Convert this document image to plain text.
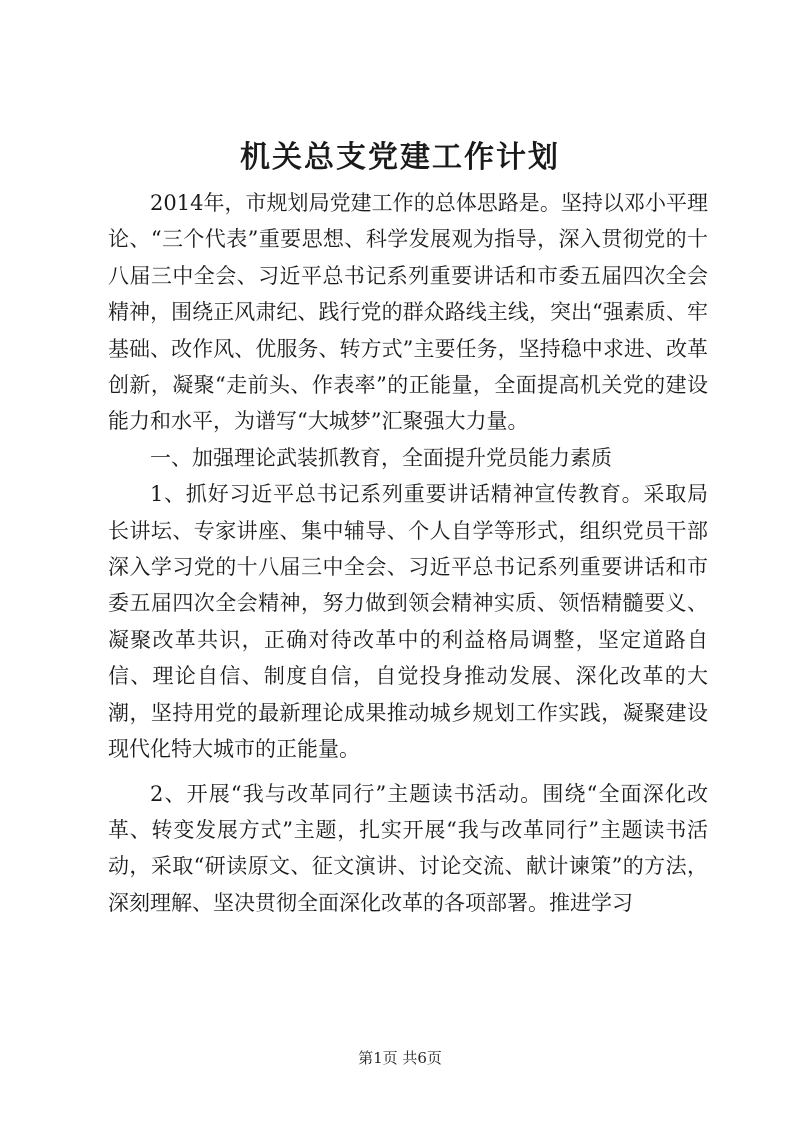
机关总支党建工作计划

2014年，市规划局党建工作的总体思路是。坚持以邓小平理论、“三个代表”重要思想、科学发展观为指导，深入贯彻党的十八届三中全会、习近平总书记系列重要讲话和市委五届四次全会精神，围绕正风肃纪、践行党的群众路线主线，突出“强素质、牢基础、改作风、优服务、转方式”主要任务，坚持稳中求进、改革创新，凝聚“走前头、作表率”的正能量，全面提高机关党的建设能力和水平，为谱写“大城梦”汇聚强大力量。

一、加强理论武装抓教育，全面提升党员能力素质

1、抓好习近平总书记系列重要讲话精神宣传教育。采取局长讲坛、专家讲座、集中辅导、个人自学等形式，组织党员干部深入学习党的十八届三中全会、习近平总书记系列重要讲话和市委五届四次全会精神，努力做到领会精神实质、领悟精髓要义、凝聚改革共识，正确对待改革中的利益格局调整，坚定道路自信、理论自信、制度自信，自觉投身推动发展、深化改革的大潮，坚持用党的最新理论成果推动城乡规划工作实践，凝聚建设现代化特大城市的正能量。

2、开展“我与改革同行”主题读书活动。围绕“全面深化改革、转变发展方式”主题，扎实开展“我与改革同行”主题读书活动，采取“研读原文、征文演讲、讨论交流、献计谏策”的方法，深刻理解、坚决贯彻全面深化改革的各项部署。推进学习

第1页 共6页
